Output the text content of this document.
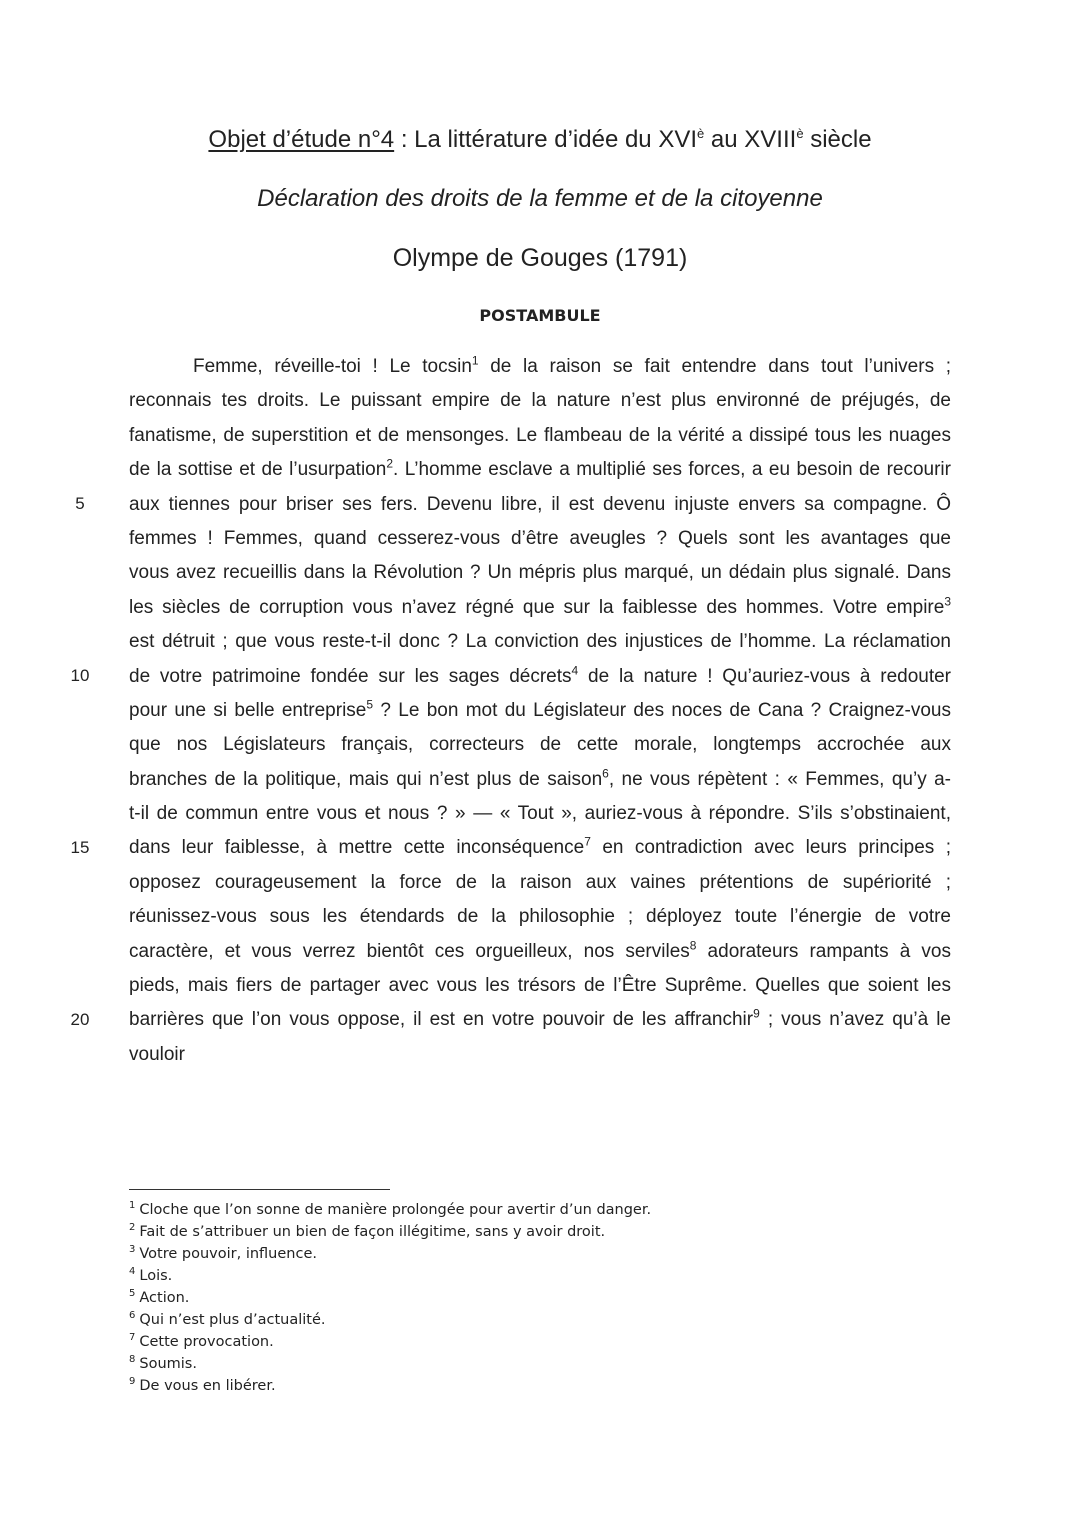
Objet d’étude n°4 : La littérature d’idée du $XVI^è$ au $XVIII^è$ siècle
Déclaration des droits de la femme et de la citoyenne
Olympe de Gouges (1791)
POSTAMBULE
Femme, réveille-toi ! Le tocsin$^1$ de la raison se fait entendre dans tout l’univers ;
reconnais tes droits. Le puissant empire de la nature n’est plus environné de préjugés, de
fanatisme, de superstition et de mensonges. Le flambeau de la vérité a dissipé tous les nuages
de la sottise et de l’usurpation$^2$. L’homme esclave a multiplié ses forces, a eu besoin de recourir
aux tiennes pour briser ses fers. Devenu libre, il est devenu injuste envers sa compagne. Ô
femmes ! Femmes, quand cesserez-vous d’être aveugles ? Quels sont les avantages que
vous avez recueillis dans la Révolution ? Un mépris plus marqué, un dédain plus signalé. Dans
les siècles de corruption vous n’avez régné que sur la faiblesse des hommes. Votre empire$^3$
est détruit ; que vous reste-t-il donc ? La conviction des injustices de l’homme. La réclamation
de votre patrimoine fondée sur les sages décrets$^4$ de la nature ! Qu’auriez-vous à redouter
pour une si belle entreprise$^5$ ? Le bon mot du Législateur des noces de Cana ? Craignez-vous
que nos Législateurs français, correcteurs de cette morale, longtemps accrochée aux
branches de la politique, mais qui n’est plus de saison$^6$, ne vous répètent : « Femmes, qu’y a-
t-il de commun entre vous et nous ? » — « Tout », auriez-vous à répondre. S’ils s’obstinaient,
dans leur faiblesse, à mettre cette inconséquence$^7$ en contradiction avec leurs principes ;
opposez courageusement la force de la raison aux vaines prétentions de supériorité ;
réunissez-vous sous les étendards de la philosophie ; déployez toute l’énergie de votre
caractère, et vous verrez bientôt ces orgueilleux, nos serviles$^8$ adorateurs rampants à vos
pieds, mais fiers de partager avec vous les trésors de l’Être Suprême. Quelles que soient les
barrières que l’on vous oppose, il est en votre pouvoir de les affranchir$^9$ ; vous n’avez qu’à le
vouloir
5
10
15
20
$^1$ Cloche que l’on sonne de manière prolongée pour avertir d’un danger.
$^2$ Fait de s’attribuer un bien de façon illégitime, sans y avoir droit.
$^3$ Votre pouvoir, influence.
$^4$ Lois.
$^5$ Action.
$^6$ Qui n’est plus d’actualité.
$^7$ Cette provocation.
$^8$ Soumis.
$^9$ De vous en libérer.
